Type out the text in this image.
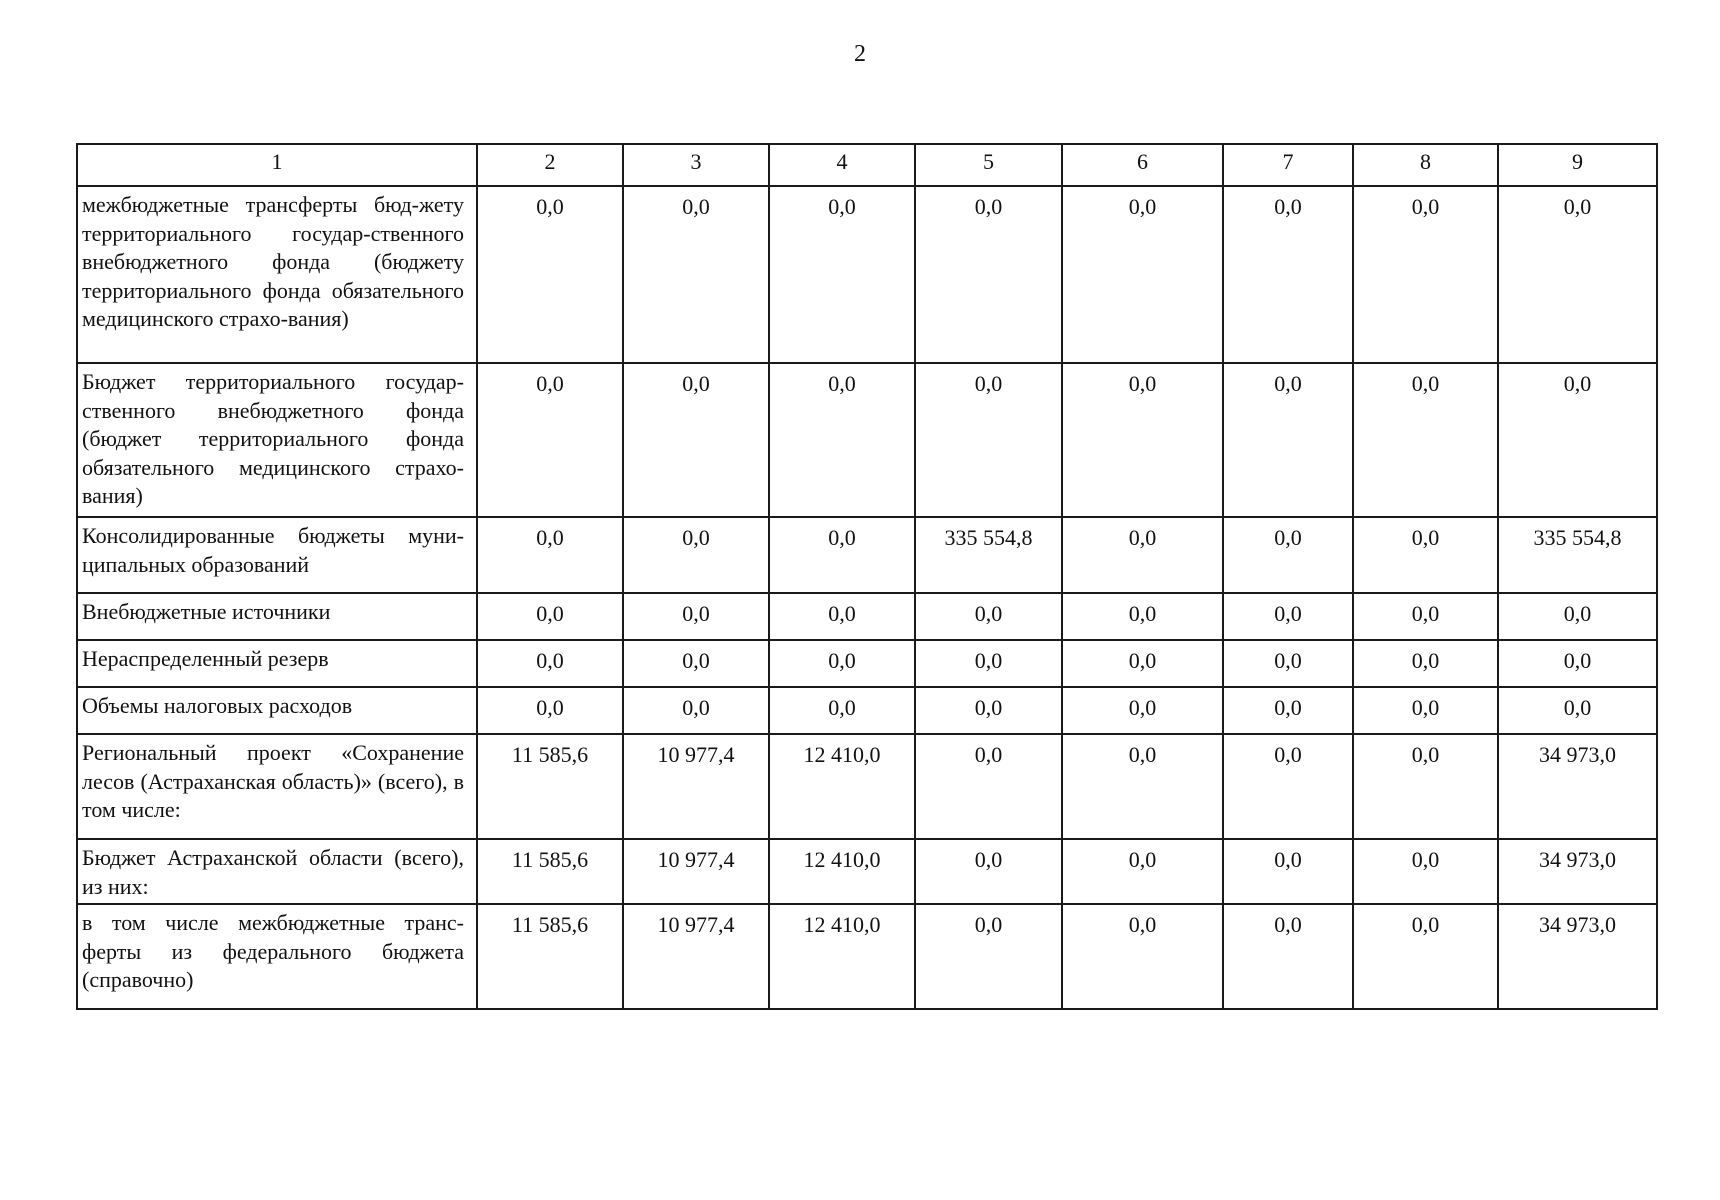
2
1	2	3	4	5	6	7	8	9
межбюджетные трансферты бюд-жету территориального государ-ственного внебюджетного фонда (бюджету территориального фонда обязательного медицинского страхо-вания)	0,0	0,0	0,0	0,0	0,0	0,0	0,0	0,0
Бюджет территориального государ-ственного внебюджетного фонда (бюджет территориального фонда обязательного медицинского страхо-вания)	0,0	0,0	0,0	0,0	0,0	0,0	0,0	0,0
Консолидированные бюджеты муни-ципальных образований	0,0	0,0	0,0	335 554,8	0,0	0,0	0,0	335 554,8
Внебюджетные источники	0,0	0,0	0,0	0,0	0,0	0,0	0,0	0,0
Нераспределенный резерв	0,0	0,0	0,0	0,0	0,0	0,0	0,0	0,0
Объемы налоговых расходов	0,0	0,0	0,0	0,0	0,0	0,0	0,0	0,0
Региональный проект «Сохранение лесов (Астраханская область)» (всего), в том числе:	11 585,6	10 977,4	12 410,0	0,0	0,0	0,0	0,0	34 973,0
Бюджет Астраханской области (всего), из них:	11 585,6	10 977,4	12 410,0	0,0	0,0	0,0	0,0	34 973,0
в том числе межбюджетные транс-ферты из федерального бюджета (справочно)	11 585,6	10 977,4	12 410,0	0,0	0,0	0,0	0,0	34 973,0
